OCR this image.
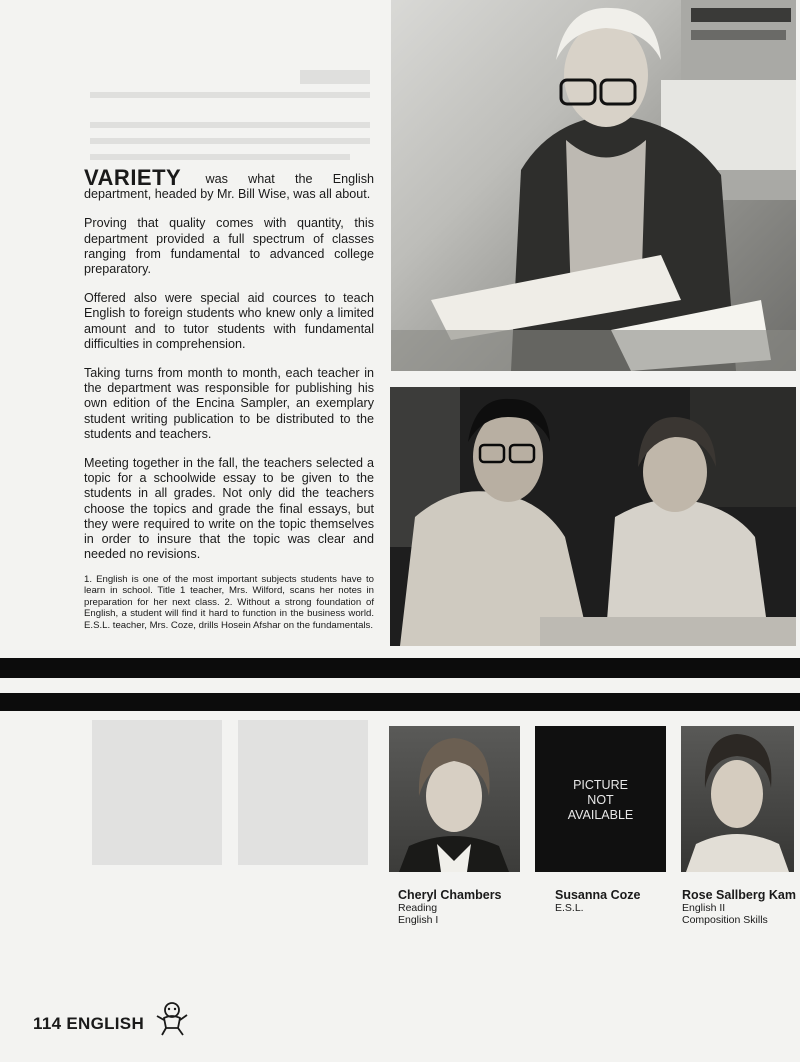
VARIETY was what the English department, headed by Mr. Bill Wise, was all about.

Proving that quality comes with quantity, this department provided a full spectrum of classes ranging from fundamental to advanced college preparatory.

Offered also were special aid cources to teach English to foreign students who knew only a limited amount and to tutor students with fundamental difficulties in comprehension.

Taking turns from month to month, each teacher in the department was responsible for publishing his own edition of the Encina Sampler, an exemplary student writing publication to be distributed to the students and teachers.

Meeting together in the fall, the teachers selected a topic for a schoolwide essay to be given to the students in all grades. Not only did the teachers choose the topics and grade the final essays, but they were required to write on the topic themselves in order to insure that the topic was clear and needed no revisions.

1. English is one of the most important subjects students have to learn in school. Title 1 teacher, Mrs. Wilford, scans her notes in preparation for her next class. 2. Without a strong foundation of English, a student will find it hard to function in the business world. E.S.L. teacher, Mrs. Coze, drills Hosein Afshar on the fundamentals.
PICTURE
NOT
AVAILABLE
Cheryl Chambers
Reading
English I
Susanna Coze
E.S.L.
Rose Sallberg Kam
English II
Composition Skills
114 ENGLISH
